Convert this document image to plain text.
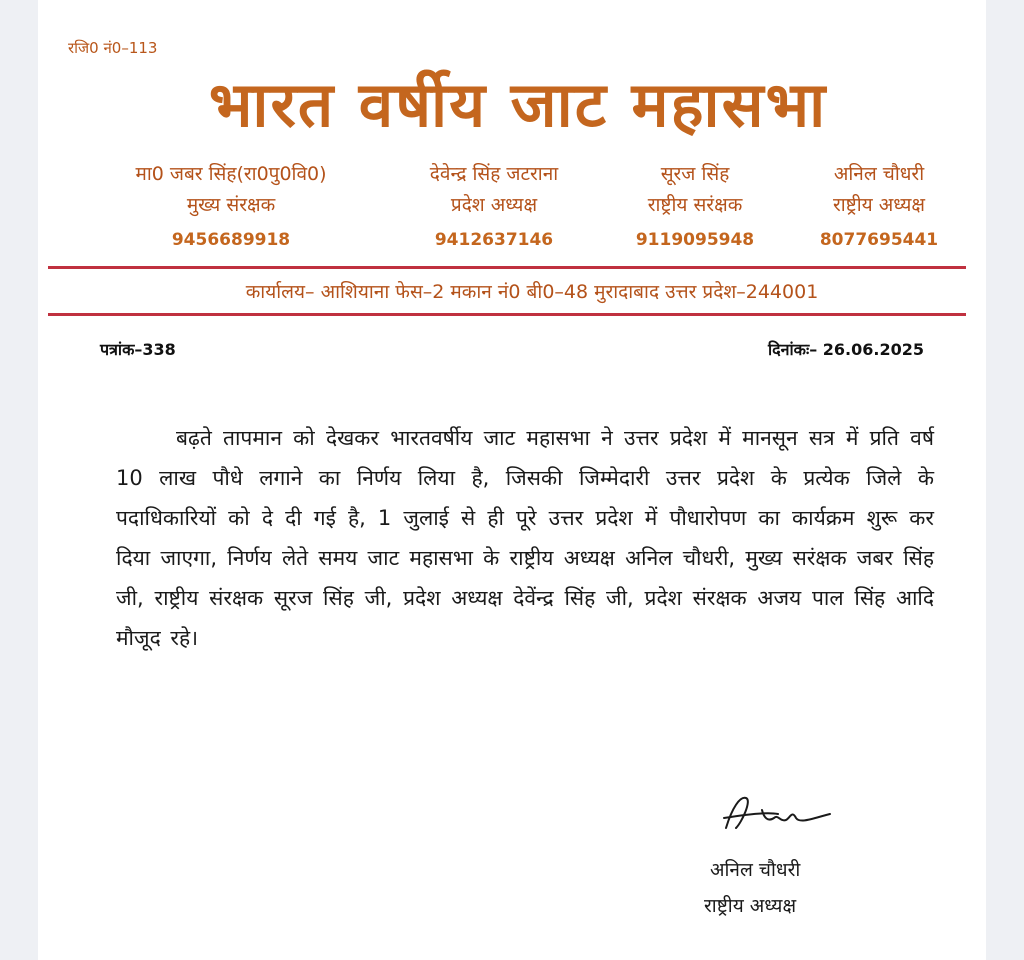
रजि0 नं0–113
भारत वर्षीय जाट महासभा
मा0 जबर सिंह(रा0पु0वि0)
मुख्य संरक्षक
9456689918
देवेन्द्र सिंह जटराना
प्रदेश अध्यक्ष
9412637146
सूरज सिंह
राष्ट्रीय सरंक्षक
9119095948
अनिल चौधरी
राष्ट्रीय अध्यक्ष
8077695441
कार्यालय– आशियाना फेस–2 मकान नं0 बी0–48 मुरादाबाद उत्तर प्रदेश–244001
पत्रांक–338	दिनांकः– 26.06.2025
बढ़ते तापमान को देखकर भारतवर्षीय जाट महासभा ने उत्तर प्रदेश में मानसून सत्र में प्रति वर्ष 10 लाख पौधे लगाने का निर्णय लिया है, जिसकी जिम्मेदारी उत्तर प्रदेश के प्रत्येक जिले के पदाधिकारियों को दे दी गई है, 1 जुलाई से ही पूरे उत्तर प्रदेश में पौधारोपण का कार्यक्रम शुरू कर दिया जाएगा, निर्णय लेते समय जाट महासभा के राष्ट्रीय अध्यक्ष अनिल चौधरी, मुख्य सरंक्षक जबर सिंह जी, राष्ट्रीय संरक्षक सूरज सिंह जी, प्रदेश अध्यक्ष देवेंन्द्र सिंह जी, प्रदेश संरक्षक अजय पाल सिंह आदि मौजूद रहे।
अनिल चौधरी
राष्ट्रीय अध्यक्ष
